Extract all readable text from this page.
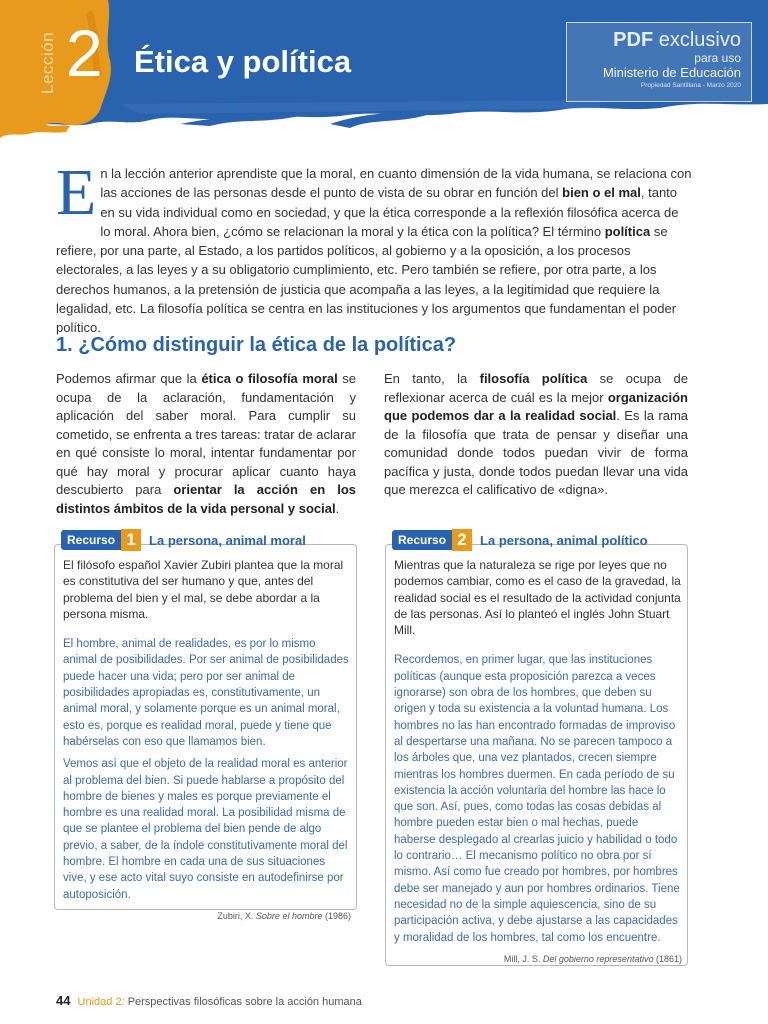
Lección 2 Ética y política
PDF exclusivo
para uso
Ministerio de Educación
Propiedad Santillana - Marzo 2020
En la lección anterior aprendiste que la moral, en cuanto dimensión de la vida humana, se relaciona con las acciones de las personas desde el punto de vista de su obrar en función del bien o el mal, tanto en su vida individual como en sociedad, y que la ética corresponde a la reflexión filosófica acerca de lo moral. Ahora bien, ¿cómo se relacionan la moral y la ética con la política? El término política se refiere, por una parte, al Estado, a los partidos políticos, al gobierno y a la oposición, a los procesos electorales, a las leyes y a su obligatorio cumplimiento, etc. Pero también se refiere, por otra parte, a los derechos humanos, a la pretensión de justicia que acompaña a las leyes, a la legitimidad que requiere la legalidad, etc. La filosofía política se centra en las instituciones y los argumentos que fundamentan el poder político.
1. ¿Cómo distinguir la ética de la política?
Podemos afirmar que la ética o filosofía moral se ocupa de la aclaración, fundamentación y aplicación del saber moral. Para cumplir su cometido, se enfrenta a tres tareas: tratar de aclarar en qué consiste lo moral, intentar fundamentar por qué hay moral y procurar aplicar cuanto haya descubierto para orientar la acción en los distintos ámbitos de la vida personal y social.
En tanto, la filosofía política se ocupa de reflexionar acerca de cuál es la mejor organización que podemos dar a la realidad social. Es la rama de la filosofía que trata de pensar y diseñar una comunidad donde todos puedan vivir de forma pacífica y justa, donde todos puedan llevar una vida que merezca el calificativo de «digna».
Recurso 1	La persona, animal moral

El filósofo español Xavier Zubiri plantea que la moral es constitutiva del ser humano y que, antes del problema del bien y el mal, se debe abordar a la persona misma.

El hombre, animal de realidades, es por lo mismo animal de posibilidades. Por ser animal de posibilidades puede hacer una vida; pero por ser animal de posibilidades apropiadas es, constitutivamente, un animal moral, y solamente porque es un animal moral, esto es, porque es realidad moral, puede y tiene que habérselas con eso que llamamos bien.

Vemos así que el objeto de la realidad moral es anterior al problema del bien. Si puede hablarse a propósito del hombre de bienes y males es porque previamente el hombre es una realidad moral. La posibilidad misma de que se plantee el problema del bien pende de algo previo, a saber, de la índole constitutivamente moral del hombre. El hombre en cada una de sus situaciones vive, y ese acto vital suyo consiste en autodefinirse por autoposición.

Zubiri, X. Sobre el hombre (1986)

Recurso 2	La persona, animal político

Mientras que la naturaleza se rige por leyes que no podemos cambiar, como es el caso de la gravedad, la realidad social es el resultado de la actividad conjunta de las personas. Así lo planteó el inglés John Stuart Mill.

Recordemos, en primer lugar, que las instituciones políticas (aunque esta proposición parezca a veces ignorarse) son obra de los hombres, que deben su origen y toda su existencia a la voluntad humana. Los hombres no las han encontrado formadas de improviso al despertarse una mañana. No se parecen tampoco a los árboles que, una vez plantados, crecen siempre mientras los hombres duermen. En cada período de su existencia la acción voluntaria del hombre las hace lo que son. Así, pues, como todas las cosas debidas al hombre pueden estar bien o mal hechas, puede haberse desplegado al crearlas juicio y habilidad o todo lo contrario… El mecanismo político no obra por sí mismo. Así como fue creado por hombres, por hombres debe ser manejado y aun por hombres ordinarios. Tiene necesidad no de la simple aquiescencia, sino de su participación activa, y debe ajustarse a las capacidades y moralidad de los hombres, tal como los encuentre.

Mill, J. S. Del gobierno representativo (1861)

44 Unidad 2: Perspectivas filosóficas sobre la acción humana
